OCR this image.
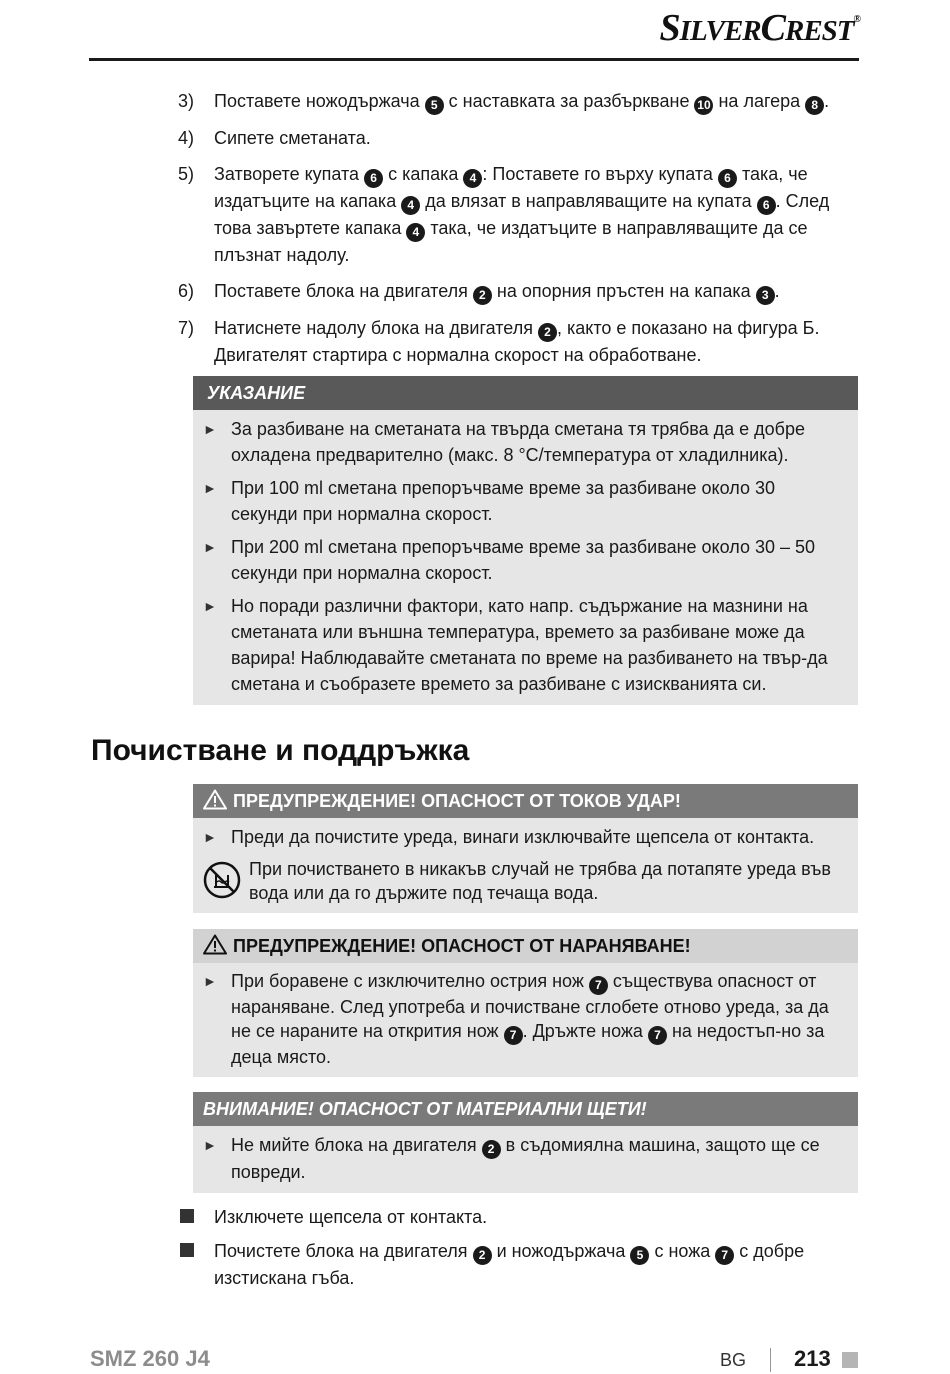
SILVERCREST®
3) Поставете ножодържача 5 с наставката за разбъркване 10 на лагера 8 .
4) Сипете сметаната.
5) Затворете купата 6 с капака 4 : Поставете го върху купата 6 така, че издатъците на капака 4 да влязат в направляващите на купата 6 . След това завъртете капака 4 така, че издатъците в направляващите да се плъзнат надолу.
6) Поставете блока на двигателя 2 на опорния пръстен на капака 3 .
7) Натиснете надолу блока на двигателя 2 , както е показано на фигура Б. Двигателят стартира с нормална скорост на обработване.
УКАЗАНИЕ
► За разбиване на сметаната на твърда сметана тя трябва да е добре охладена предварително (макс. 8 °C/температура от хладилника).
► При 100 ml сметана препоръчваме време за разбиване около 30 секунди при нормална скорост.
► При 200 ml сметана препоръчваме време за разбиване около 30 – 50 секунди при нормална скорост.
► Но поради различни фактори, като напр. съдържание на мазнини на сметаната или външна температура, времето за разбиване може да варира! Наблюдавайте сметаната по време на разбиването на твър-да сметана и съобразете времето за разбиване с изискванията си.
Почистване и поддръжка
ПРЕДУПРЕЖДЕНИЕ! ОПАСНОСТ ОТ ТОКОВ УДАР!
► Преди да почистите уреда, винаги изключвайте щепсела от контакта.
При почистването в никакъв случай не трябва да потапяте уреда във вода или да го държите под течаща вода.
ПРЕДУПРЕЖДЕНИЕ! ОПАСНОСТ ОТ НАРАНЯВАНЕ!
► При боравене с изключително острия нож 7 съществува опасност от нараняване. След употреба и почистване сглобете отново уреда, за да не се нараните на открития нож 7 . Дръжте ножа 7 на недостъп-но за деца място.
ВНИМАНИЕ! ОПАСНОСТ ОТ МАТЕРИАЛНИ ЩЕТИ!
► Не мийте блока на двигателя 2 в съдомиялна машина, защото ще се повреди.
Изключете щепсела от контакта.
Почистете блока на двигателя 2 и ножодържача 5 с ножа 7 с добре изстискана гъба.
SMZ 260 J4	BG 213
